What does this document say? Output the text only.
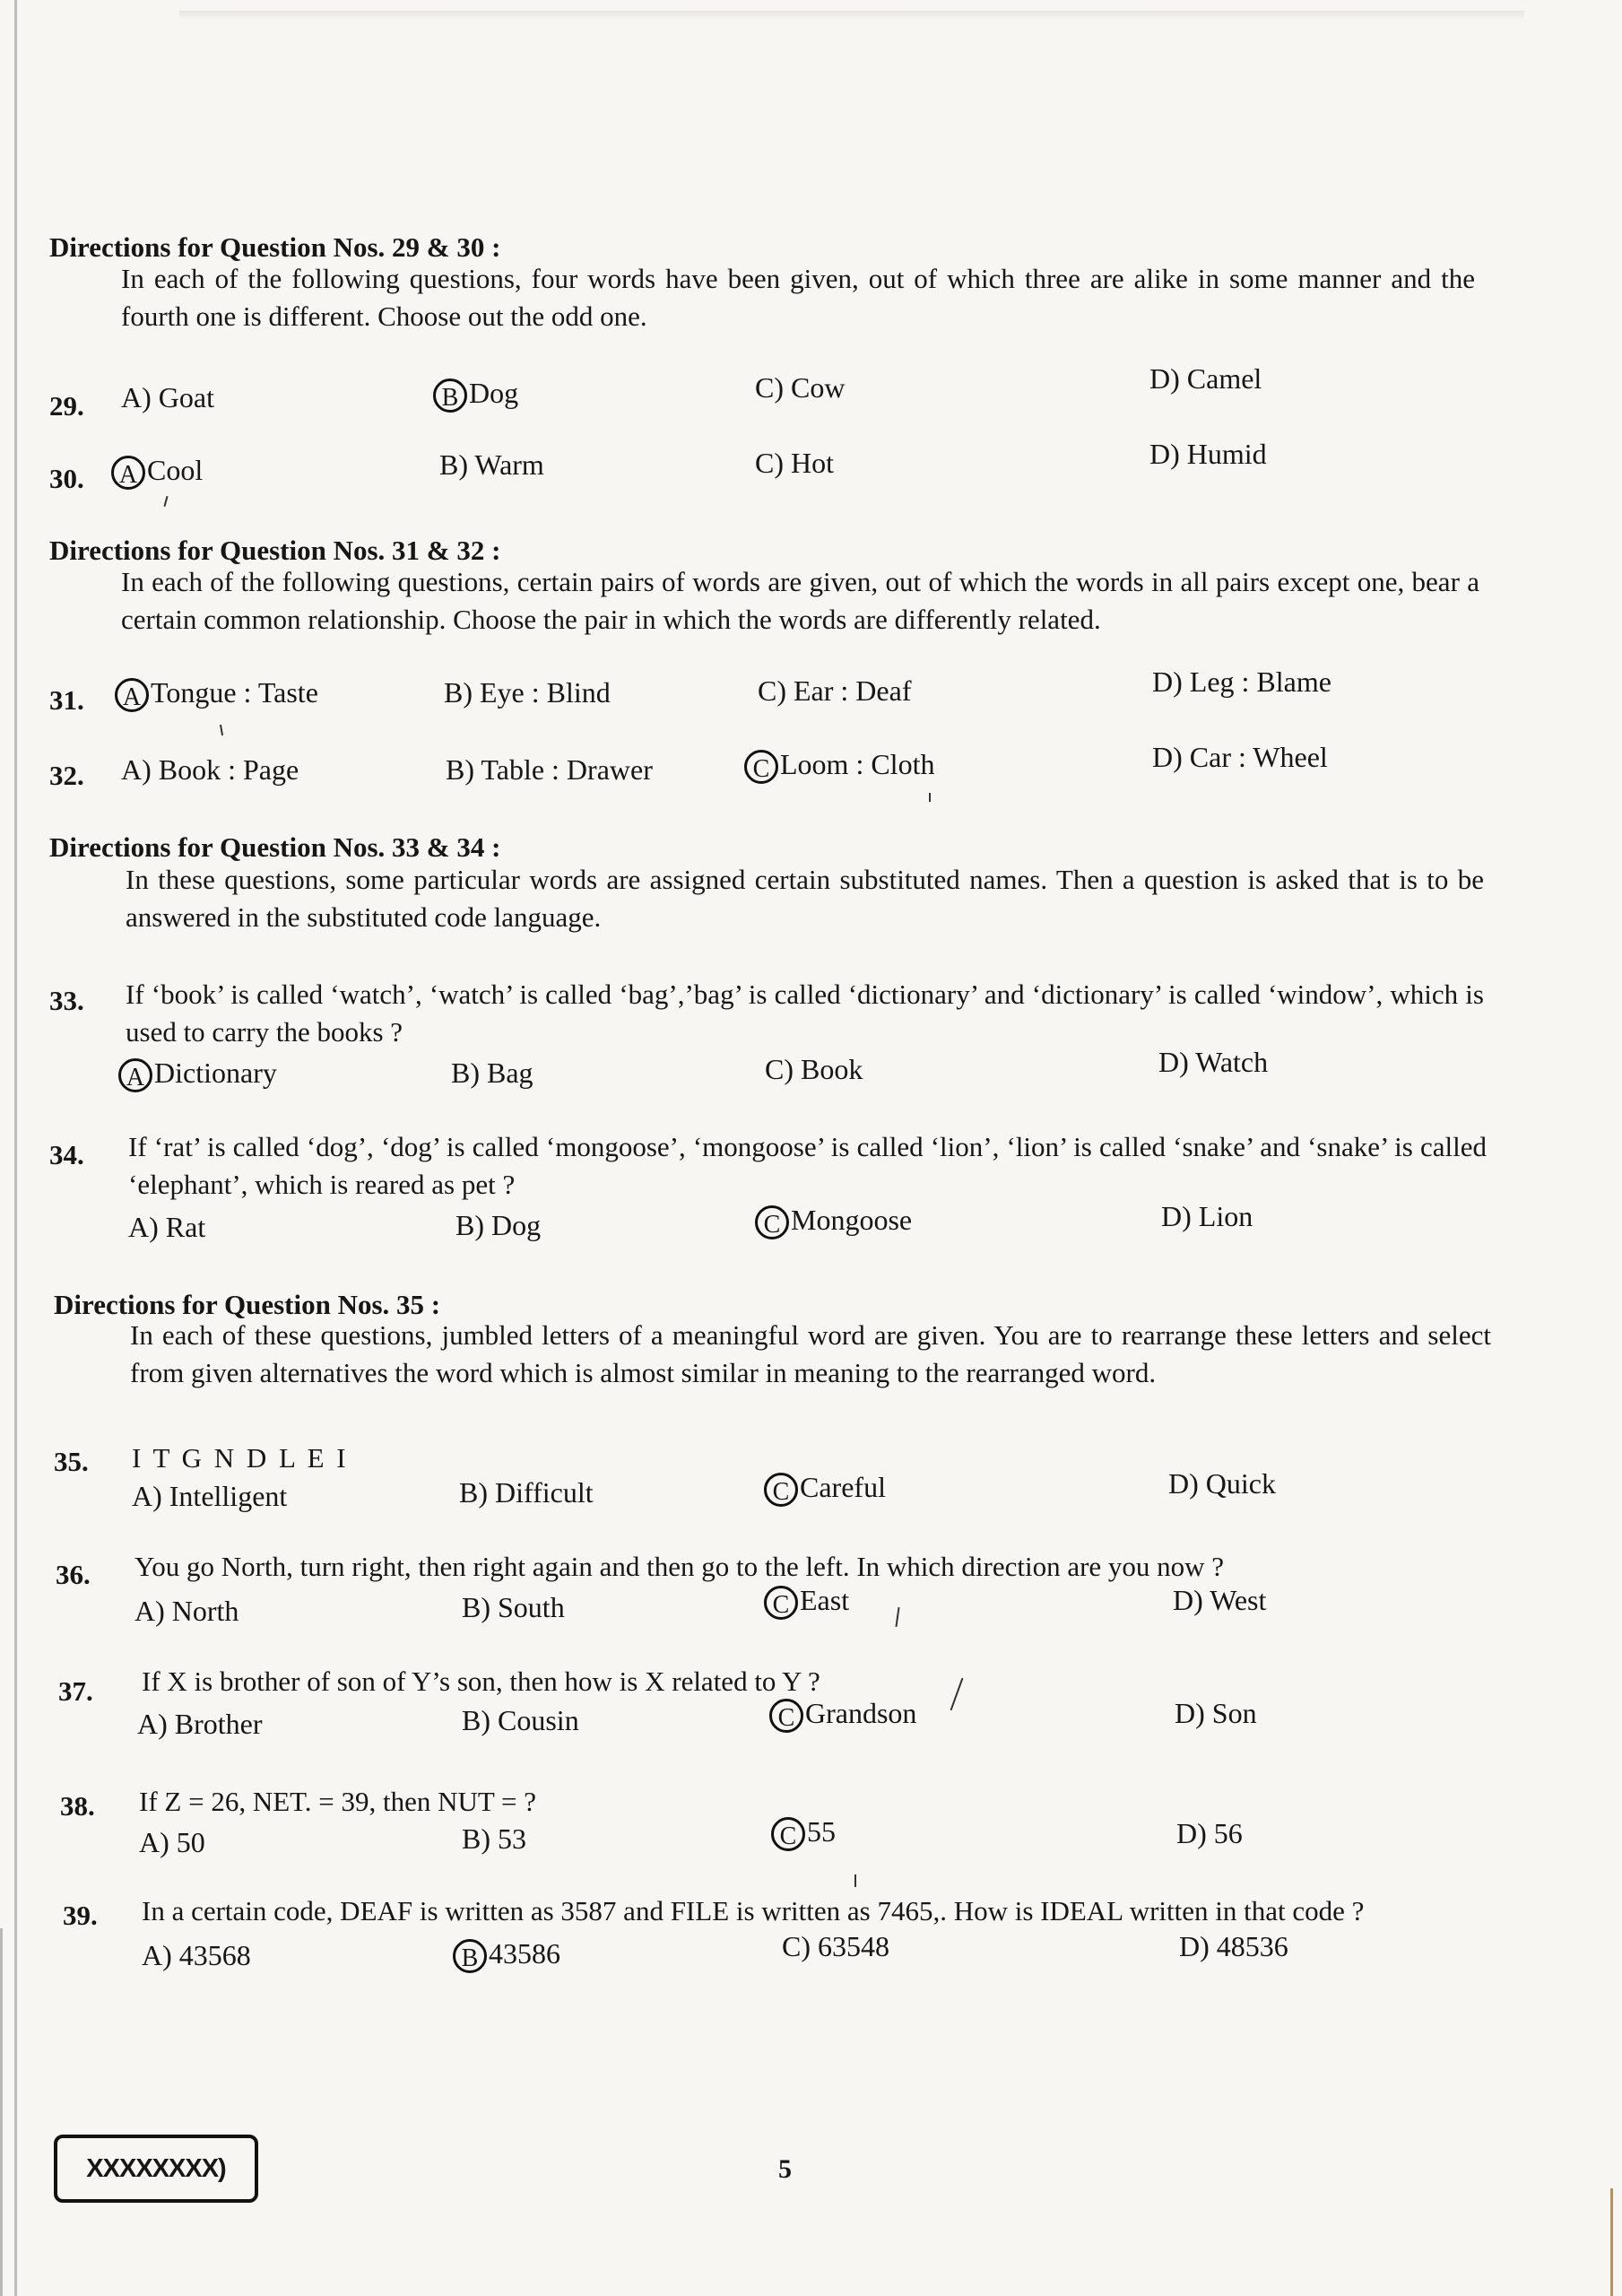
Directions for Question Nos. 29 & 30 :
In each of the following questions, four words have been given, out of which three are alike in some manner and the fourth one is different. Choose out the odd one.
29. A) Goat	B Dog	C) Cow	D) Camel
30.	A Cool	B) Warm	C) Hot	D) Humid
Directions for Question Nos. 31 & 32 :
In each of the following questions, certain pairs of words are given, out of which the words in all pairs except one, bear a certain common relationship. Choose the pair in which the words are differently related.
31.	A Tongue : Taste	B) Eye : Blind	C) Ear : Deaf	D) Leg : Blame
32. A) Book : Page	B) Table : Drawer	C Loom : Cloth	D) Car : Wheel
Directions for Question Nos. 33 & 34 :
In these questions, some particular words are assigned certain substituted names. Then a question is asked that is to be answered in the substituted code language.
33. If ‘book’ is called ‘watch’, ‘watch’ is called ‘bag’,’bag’ is called ‘dictionary’ and ‘dictionary’ is called ‘window’, which is used to carry the books ?
A Dictionary	B) Bag	C) Book	D) Watch
34. If ‘rat’ is called ‘dog’, ‘dog’ is called ‘mongoose’, ‘mongoose’ is called ‘lion’, ‘lion’ is called ‘snake’ and ‘snake’ is called ‘elephant’, which is reared as pet ?
A) Rat	B) Dog	C Mongoose	D) Lion
Directions for Question Nos. 35 :
In each of these questions, jumbled letters of a meaningful word are given. You are to rearrange these letters and select from given alternatives the word which is almost similar in meaning to the rearranged word.
35. I T G N D L E I
A) Intelligent	B) Difficult	C Careful	D) Quick
36. You go North, turn right, then right again and then go to the left. In which direction are you now ?
A) North	B) South	C East	D) West
37. If X is brother of son of Y’s son, then how is X related to Y ?
A) Brother	B) Cousin	C Grandson	D) Son
38. If Z = 26, NET. = 39, then NUT = ?
A) 50	B) 53	C 55	D) 56
39. In a certain code, DEAF is written as 3587 and FILE is written as 7465,. How is IDEAL written in that code ?
A) 43568	B 43586	C) 63548	D) 48536
XXXXXXXX)	5
